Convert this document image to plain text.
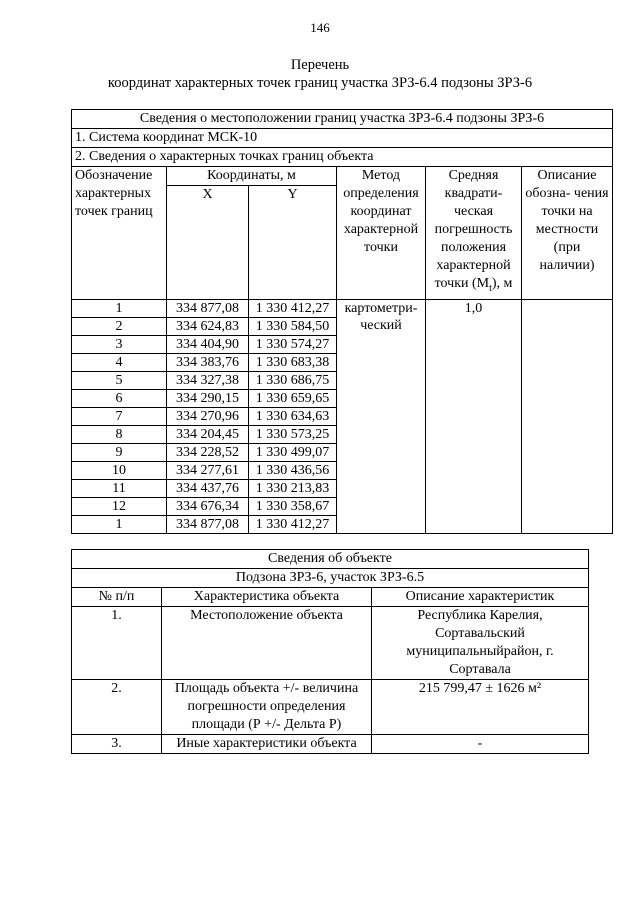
146
Перечень
координат характерных точек границ участка ЗРЗ-6.4 подзоны ЗРЗ-6
Сведения о местоположении границ участка ЗРЗ-6.4 подзоны ЗРЗ-6					
1. Система координат МСК-10					
2. Сведения о характерных точках границ объекта					
Обозначение характерных точек границ	Координаты, м		Метод определения координат характерной точки	Средняя квадрати- ческая погрешность положения характерной точки $(M_t)$, м	Описание обозна- чения точки на местности (при наличии)
	X	Y			
1	334 877,08	1 330 412,27	картометри- ческий	1,0	
2	334 624,83	1 330 584,50			
3	334 404,90	1 330 574,27			
4	334 383,76	1 330 683,38			
5	334 327,38	1 330 686,75			
6	334 290,15	1 330 659,65			
7	334 270,96	1 330 634,63			
8	334 204,45	1 330 573,25			
9	334 228,52	1 330 499,07			
10	334 277,61	1 330 436,56			
11	334 437,76	1 330 213,83			
12	334 676,34	1 330 358,67			
1	334 877,08	1 330 412,27			
Сведения об объекте		
Подзона ЗРЗ-6, участок ЗРЗ-6.5		
№ п/п	Характеристика объекта	Описание характеристик
1.	Местоположение объекта	Республика Карелия, Сортавальский муниципальныйрайон, г. Сортавала
2.	Площадь объекта +/- величина погрешности определения площади (Р +/- Дельта Р)	215 799,47 ± 1626 м²
3.	Иные характеристики объекта	-
